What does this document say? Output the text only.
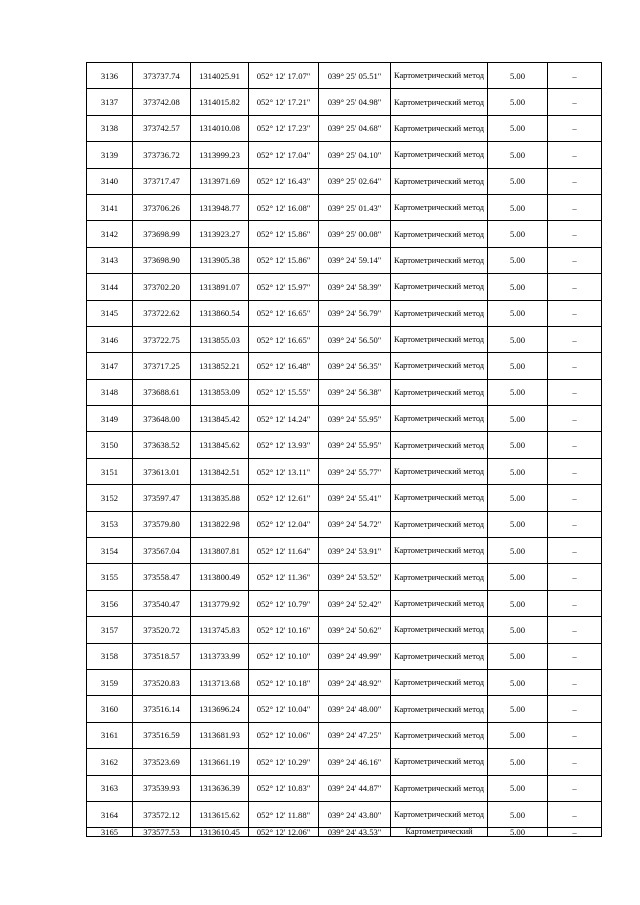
3136	373737.74	1314025.91	052° 12' 17.07"	039° 25' 05.51"	Картометрический метод	5.00	–
3137	373742.08	1314015.82	052° 12' 17.21"	039° 25' 04.98"	Картометрический метод	5.00	–
3138	373742.57	1314010.08	052° 12' 17.23"	039° 25' 04.68"	Картометрический метод	5.00	–
3139	373736.72	1313999.23	052° 12' 17.04"	039° 25' 04.10"	Картометрический метод	5.00	–
3140	373717.47	1313971.69	052° 12' 16.43"	039° 25' 02.64"	Картометрический метод	5.00	–
3141	373706.26	1313948.77	052° 12' 16.08"	039° 25' 01.43"	Картометрический метод	5.00	–
3142	373698.99	1313923.27	052° 12' 15.86"	039° 25' 00.08"	Картометрический метод	5.00	–
3143	373698.90	1313905.38	052° 12' 15.86"	039° 24' 59.14"	Картометрический метод	5.00	–
3144	373702.20	1313891.07	052° 12' 15.97"	039° 24' 58.39"	Картометрический метод	5.00	–
3145	373722.62	1313860.54	052° 12' 16.65"	039° 24' 56.79"	Картометрический метод	5.00	–
3146	373722.75	1313855.03	052° 12' 16.65"	039° 24' 56.50"	Картометрический метод	5.00	–
3147	373717.25	1313852.21	052° 12' 16.48"	039° 24' 56.35"	Картометрический метод	5.00	–
3148	373688.61	1313853.09	052° 12' 15.55"	039° 24' 56.38"	Картометрический метод	5.00	–
3149	373648.00	1313845.42	052° 12' 14.24"	039° 24' 55.95"	Картометрический метод	5.00	–
3150	373638.52	1313845.62	052° 12' 13.93"	039° 24' 55.95"	Картометрический метод	5.00	–
3151	373613.01	1313842.51	052° 12' 13.11"	039° 24' 55.77"	Картометрический метод	5.00	–
3152	373597.47	1313835.88	052° 12' 12.61"	039° 24' 55.41"	Картометрический метод	5.00	–
3153	373579.80	1313822.98	052° 12' 12.04"	039° 24' 54.72"	Картометрический метод	5.00	–
3154	373567.04	1313807.81	052° 12' 11.64"	039° 24' 53.91"	Картометрический метод	5.00	–
3155	373558.47	1313800.49	052° 12' 11.36"	039° 24' 53.52"	Картометрический метод	5.00	–
3156	373540.47	1313779.92	052° 12' 10.79"	039° 24' 52.42"	Картометрический метод	5.00	–
3157	373520.72	1313745.83	052° 12' 10.16"	039° 24' 50.62"	Картометрический метод	5.00	–
3158	373518.57	1313733.99	052° 12' 10.10"	039° 24' 49.99"	Картометрический метод	5.00	–
3159	373520.83	1313713.68	052° 12' 10.18"	039° 24' 48.92"	Картометрический метод	5.00	–
3160	373516.14	1313696.24	052° 12' 10.04"	039° 24' 48.00"	Картометрический метод	5.00	–
3161	373516.59	1313681.93	052° 12' 10.06"	039° 24' 47.25"	Картометрический метод	5.00	–
3162	373523.69	1313661.19	052° 12' 10.29"	039° 24' 46.16"	Картометрический метод	5.00	–
3163	373539.93	1313636.39	052° 12' 10.83"	039° 24' 44.87"	Картометрический метод	5.00	–
3164	373572.12	1313615.62	052° 12' 11.88"	039° 24' 43.80"	Картометрический метод	5.00	–
3165	373577.53	1313610.45	052° 12' 12.06"	039° 24' 43.53"	Картометрический	5.00	–
